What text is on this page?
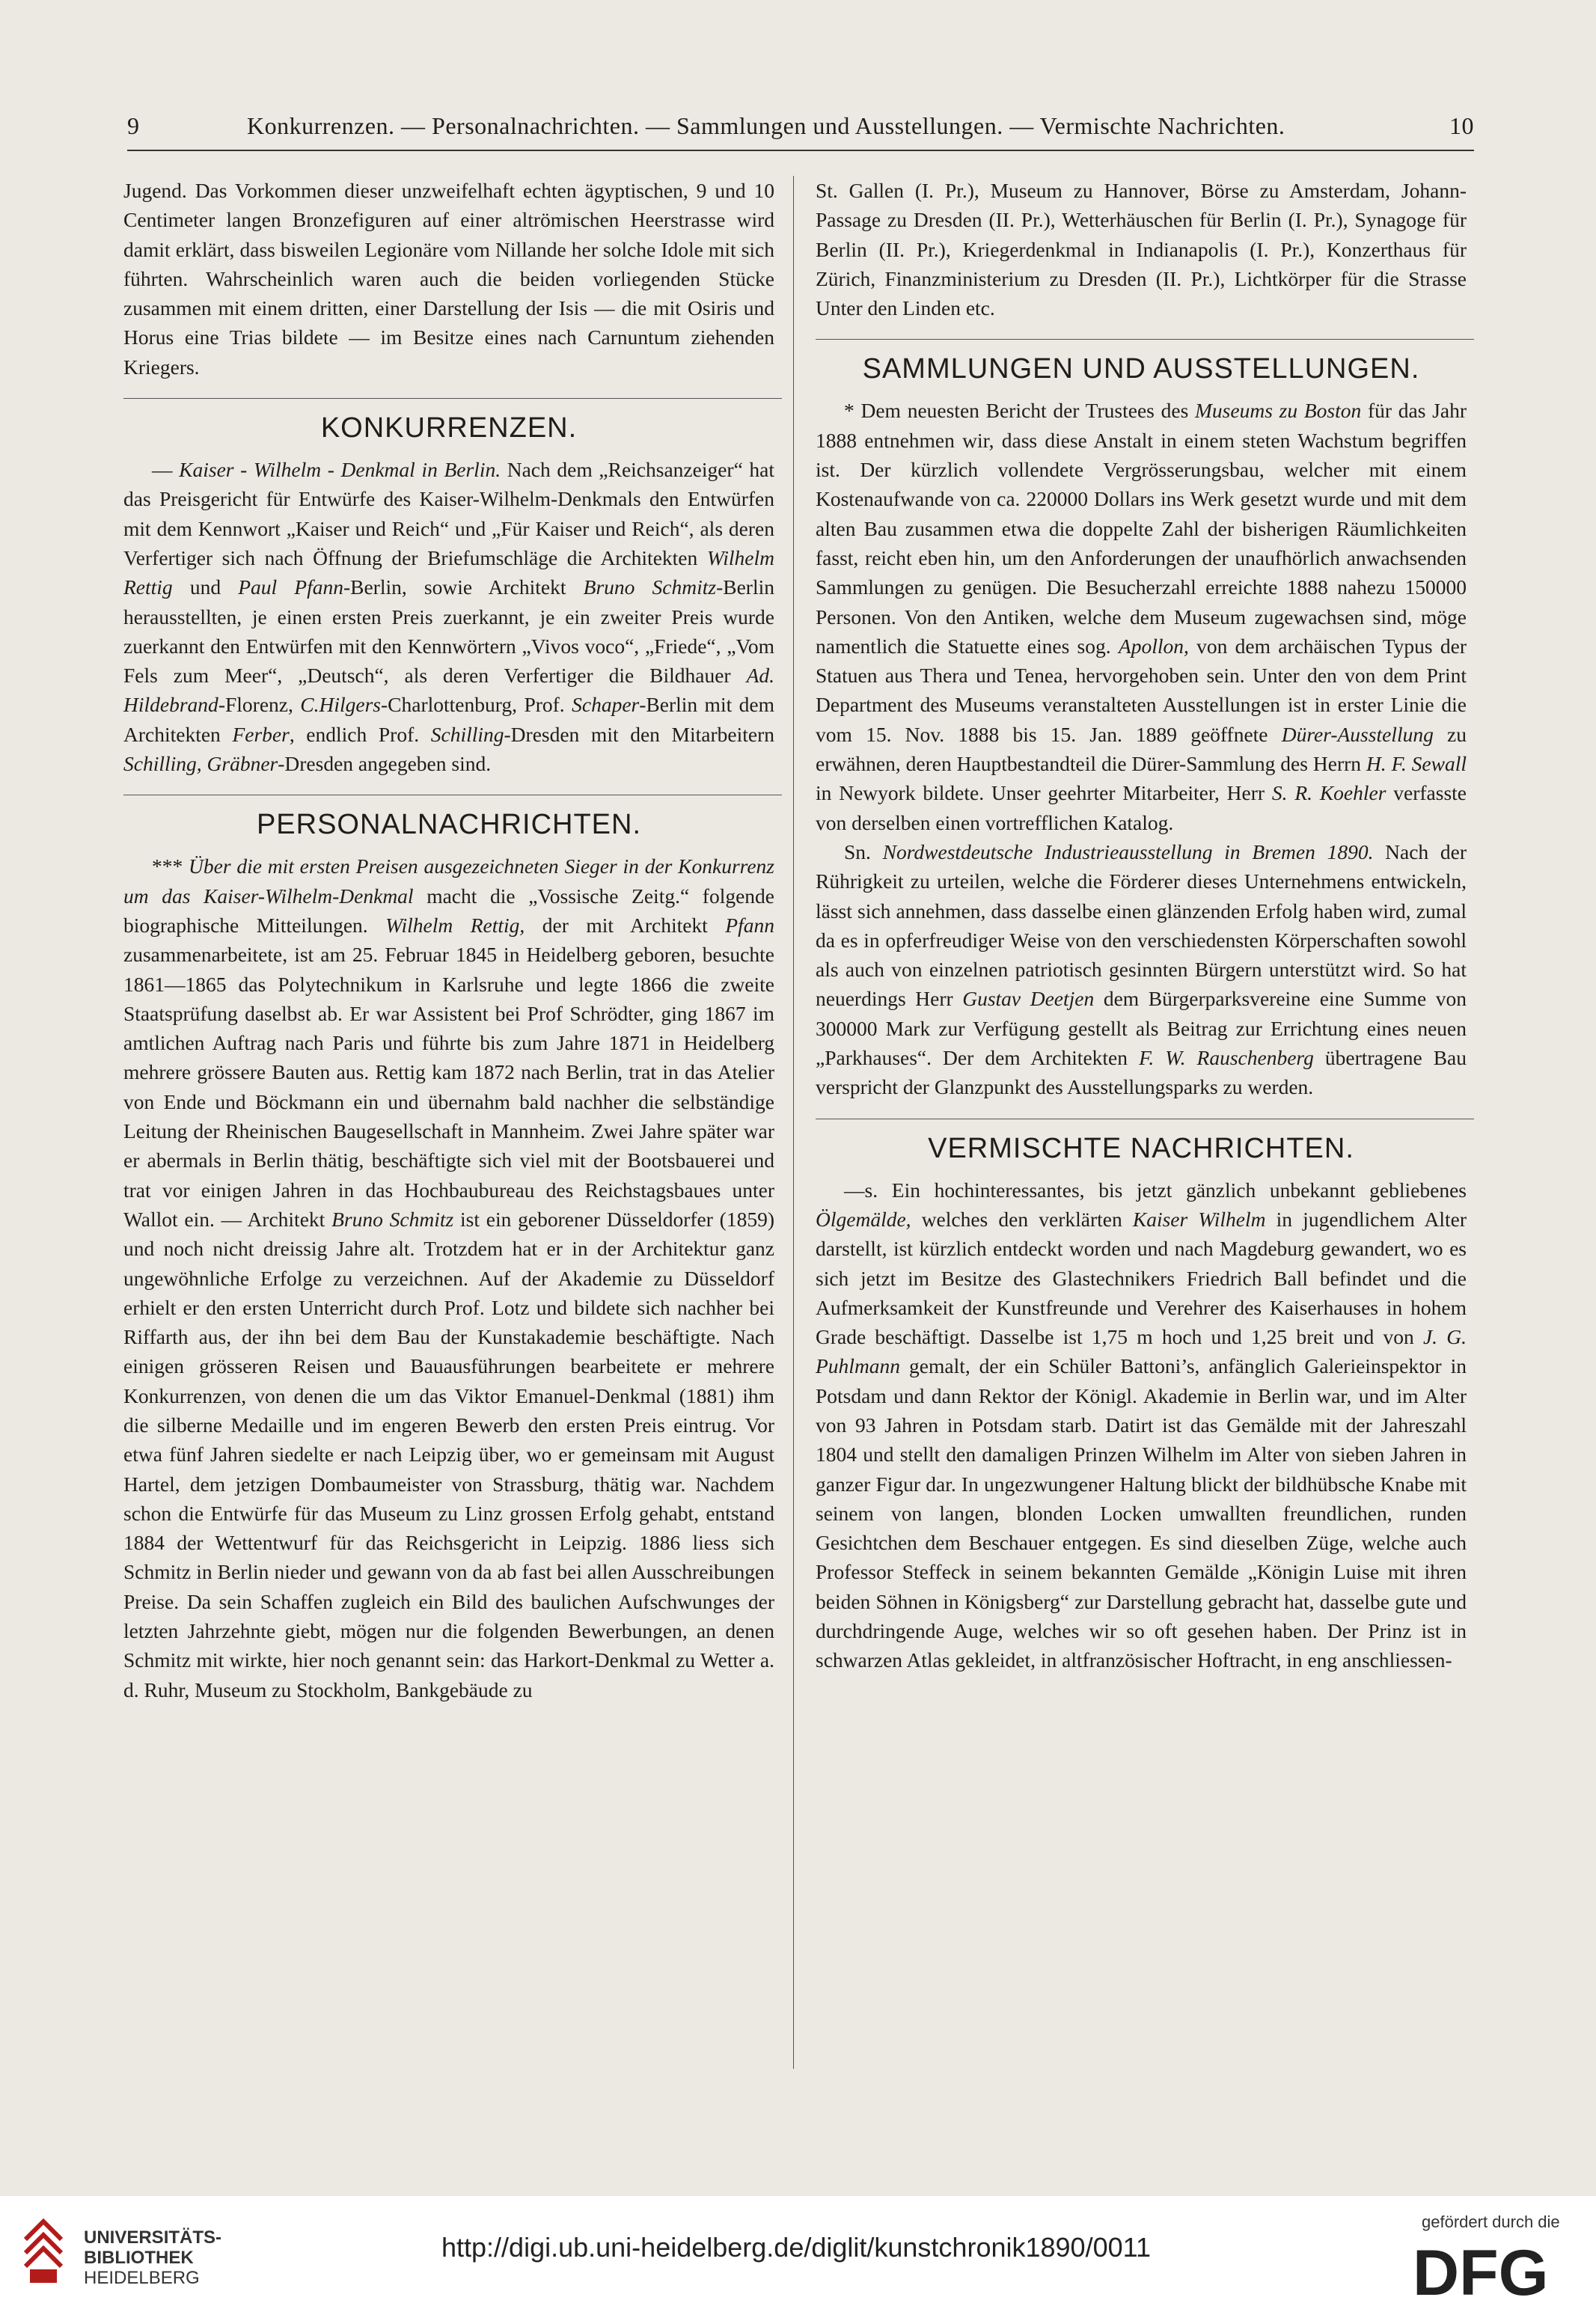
9	Konkurrenzen. — Personalnachrichten. — Sammlungen und Ausstellungen. — Vermischte Nachrichten.	10

Jugend. Das Vorkommen dieser unzweifelhaft echten ägyptischen, 9 und 10 Centimeter langen Bronzefiguren auf einer altrömischen Heerstrasse wird damit erklärt, dass bisweilen Legionäre vom Nillande her solche Idole mit sich führten. Wahrscheinlich waren auch die beiden vorliegenden Stücke zusammen mit einem dritten, einer Darstellung der Isis — die mit Osiris und Horus eine Trias bildete — im Besitze eines nach Carnuntum ziehenden Kriegers.

KONKURRENZEN.

— Kaiser - Wilhelm - Denkmal in Berlin. Nach dem „Reichsanzeiger“ hat das Preisgericht für Entwürfe des Kaiser-Wilhelm-Denkmals den Entwürfen mit dem Kennwort „Kaiser und Reich“ und „Für Kaiser und Reich“, als deren Verfertiger sich nach Öffnung der Briefumschläge die Architekten Wilhelm Rettig und Paul Pfann-Berlin, sowie Architekt Bruno Schmitz-Berlin herausstellten, je einen ersten Preis zuerkannt, je ein zweiter Preis wurde zuerkannt den Entwürfen mit den Kennwörtern „Vivos voco“, „Friede“, „Vom Fels zum Meer“, „Deutsch“, als deren Verfertiger die Bildhauer Ad. Hildebrand-Florenz, C.Hilgers-Charlottenburg, Prof. Schaper-Berlin mit dem Architekten Ferber, endlich Prof. Schilling-Dresden mit den Mitarbeitern Schilling, Gräbner-Dresden angegeben sind.

PERSONALNACHRICHTEN.

*** Über die mit ersten Preisen ausgezeichneten Sieger in der Konkurrenz um das Kaiser-Wilhelm-Denkmal macht die „Vossische Zeitg.“ folgende biographische Mitteilungen. Wilhelm Rettig, der mit Architekt Pfann zusammenarbeitete, ist am 25. Februar 1845 in Heidelberg geboren, besuchte 1861—1865 das Polytechnikum in Karlsruhe und legte 1866 die zweite Staatsprüfung daselbst ab. Er war Assistent bei Prof Schrödter, ging 1867 im amtlichen Auftrag nach Paris und führte bis zum Jahre 1871 in Heidelberg mehrere grössere Bauten aus. Rettig kam 1872 nach Berlin, trat in das Atelier von Ende und Böckmann ein und übernahm bald nachher die selbständige Leitung der Rheinischen Baugesellschaft in Mannheim. Zwei Jahre später war er abermals in Berlin thätig, beschäftigte sich viel mit der Bootsbauerei und trat vor einigen Jahren in das Hochbaubureau des Reichstagsbaues unter Wallot ein. — Architekt Bruno Schmitz ist ein geborener Düsseldorfer (1859) und noch nicht dreissig Jahre alt. Trotzdem hat er in der Architektur ganz ungewöhnliche Erfolge zu verzeichnen. Auf der Akademie zu Düsseldorf erhielt er den ersten Unterricht durch Prof. Lotz und bildete sich nachher bei Riffarth aus, der ihn bei dem Bau der Kunstakademie beschäftigte. Nach einigen grösseren Reisen und Bauausführungen bearbeitete er mehrere Konkurrenzen, von denen die um das Viktor Emanuel-Denkmal (1881) ihm die silberne Medaille und im engeren Bewerb den ersten Preis eintrug. Vor etwa fünf Jahren siedelte er nach Leipzig über, wo er gemeinsam mit August Hartel, dem jetzigen Dombaumeister von Strassburg, thätig war. Nachdem schon die Entwürfe für das Museum zu Linz grossen Erfolg gehabt, entstand 1884 der Wettentwurf für das Reichsgericht in Leipzig. 1886 liess sich Schmitz in Berlin nieder und gewann von da ab fast bei allen Ausschreibungen Preise. Da sein Schaffen zugleich ein Bild des baulichen Aufschwunges der letzten Jahrzehnte giebt, mögen nur die folgenden Bewerbungen, an denen Schmitz mit wirkte, hier noch genannt sein: das Harkort-Denkmal zu Wetter a. d. Ruhr, Museum zu Stockholm, Bankgebäude zu

St. Gallen (I. Pr.), Museum zu Hannover, Börse zu Amsterdam, Johann-Passage zu Dresden (II. Pr.), Wetterhäuschen für Berlin (I. Pr.), Synagoge für Berlin (II. Pr.), Kriegerdenkmal in Indianapolis (I. Pr.), Konzerthaus für Zürich, Finanzministerium zu Dresden (II. Pr.), Lichtkörper für die Strasse Unter den Linden etc.

SAMMLUNGEN UND AUSSTELLUNGEN.

* Dem neuesten Bericht der Trustees des Museums zu Boston für das Jahr 1888 entnehmen wir, dass diese Anstalt in einem steten Wachstum begriffen ist. Der kürzlich vollendete Vergrösserungsbau, welcher mit einem Kostenaufwande von ca. 220000 Dollars ins Werk gesetzt wurde und mit dem alten Bau zusammen etwa die doppelte Zahl der bisherigen Räumlichkeiten fasst, reicht eben hin, um den Anforderungen der unaufhörlich anwachsenden Sammlungen zu genügen. Die Besucherzahl erreichte 1888 nahezu 150000 Personen. Von den Antiken, welche dem Museum zugewachsen sind, möge namentlich die Statuette eines sog. Apollon, von dem archäischen Typus der Statuen aus Thera und Tenea, hervorgehoben sein. Unter den von dem Print Department des Museums veranstalteten Ausstellungen ist in erster Linie die vom 15. Nov. 1888 bis 15. Jan. 1889 geöffnete Dürer-Ausstellung zu erwähnen, deren Hauptbestandteil die Dürer-Sammlung des Herrn H. F. Sewall in Newyork bildete. Unser geehrter Mitarbeiter, Herr S. R. Koehler verfasste von derselben einen vortrefflichen Katalog.

Sn. Nordwestdeutsche Industrieausstellung in Bremen 1890. Nach der Rührigkeit zu urteilen, welche die Förderer dieses Unternehmens entwickeln, lässt sich annehmen, dass dasselbe einen glänzenden Erfolg haben wird, zumal da es in opferfreudiger Weise von den verschiedensten Körperschaften sowohl als auch von einzelnen patriotisch gesinnten Bürgern unterstützt wird. So hat neuerdings Herr Gustav Deetjen dem Bürgerparksvereine eine Summe von 300000 Mark zur Verfügung gestellt als Beitrag zur Errichtung eines neuen „Parkhauses“. Der dem Architekten F. W. Rauschenberg übertragene Bau verspricht der Glanzpunkt des Ausstellungsparks zu werden.

VERMISCHTE NACHRICHTEN.

—s. Ein hochinteressantes, bis jetzt gänzlich unbekannt gebliebenes Ölgemälde, welches den verklärten Kaiser Wilhelm in jugendlichem Alter darstellt, ist kürzlich entdeckt worden und nach Magdeburg gewandert, wo es sich jetzt im Besitze des Glastechnikers Friedrich Ball befindet und die Aufmerksamkeit der Kunstfreunde und Verehrer des Kaiserhauses in hohem Grade beschäftigt. Dasselbe ist 1,75 m hoch und 1,25 breit und von J. G. Puhlmann gemalt, der ein Schüler Battoni’s, anfänglich Galerieinspektor in Potsdam und dann Rektor der Königl. Akademie in Berlin war, und im Alter von 93 Jahren in Potsdam starb. Datirt ist das Gemälde mit der Jahreszahl 1804 und stellt den damaligen Prinzen Wilhelm im Alter von sieben Jahren in ganzer Figur dar. In ungezwungener Haltung blickt der bildhübsche Knabe mit seinem von langen, blonden Locken umwallten freundlichen, runden Gesichtchen dem Beschauer entgegen. Es sind dieselben Züge, welche auch Professor Steffeck in seinem bekannten Gemälde „Königin Luise mit ihren beiden Söhnen in Königsberg“ zur Darstellung gebracht hat, dasselbe gute und durchdringende Auge, welches wir so oft gesehen haben. Der Prinz ist in schwarzen Atlas gekleidet, in altfranzösischer Hoftracht, in eng anschliessen-

UNIVERSITÄTS-
BIBLIOTHEK
HEIDELBERG
http://digi.ub.uni-heidelberg.de/diglit/kunstchronik1890/0011
gefördert durch die
DFG
